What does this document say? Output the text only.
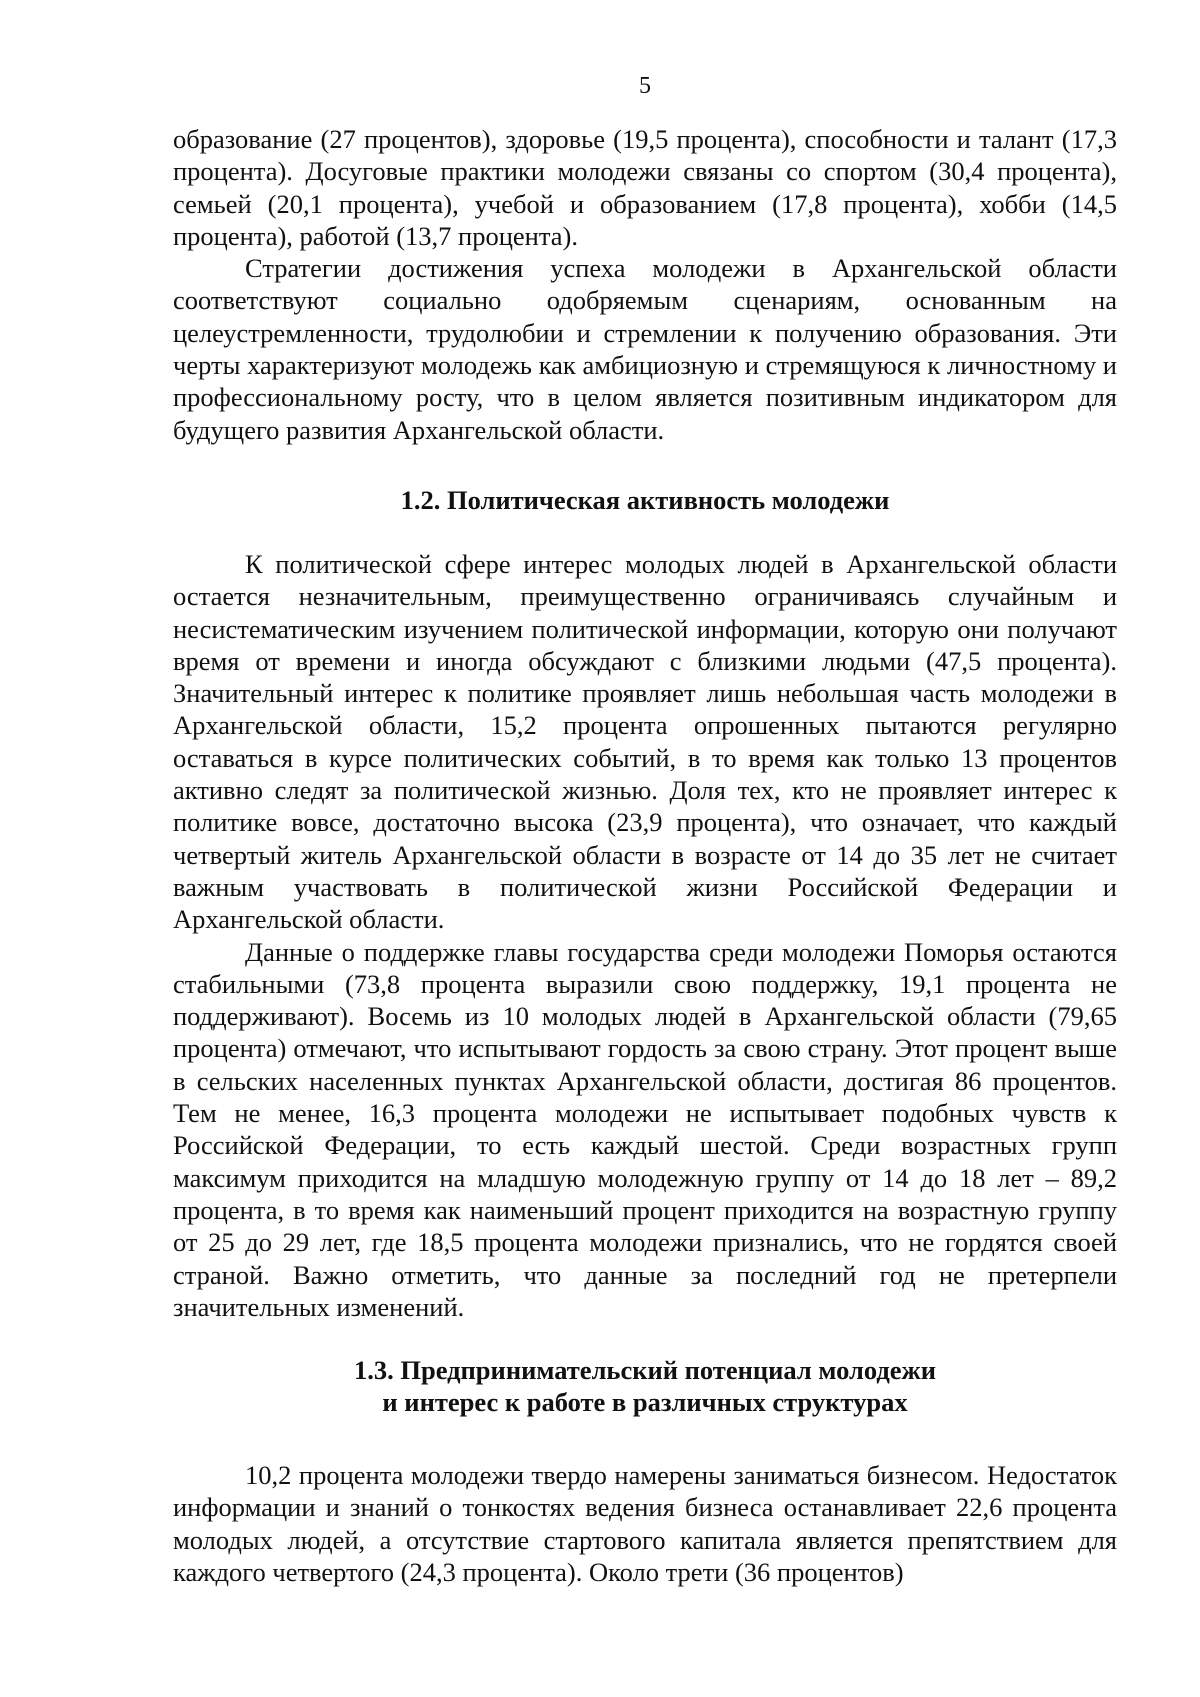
5

образование (27 процентов), здоровье (19,5 процента), способности и талант (17,3 процента). Досуговые практики молодежи связаны со спортом (30,4 процента), семьей (20,1 процента), учебой и образованием (17,8 процента), хобби (14,5 процента), работой (13,7 процента).

Стратегии достижения успеха молодежи в Архангельской области соответствуют социально одобряемым сценариям, основанным на целеустремленности, трудолюбии и стремлении к получению образования. Эти черты характеризуют молодежь как амбициозную и стремящуюся к личностному и профессиональному росту, что в целом является позитивным индикатором для будущего развития Архангельской области.

1.2. Политическая активность молодежи

К политической сфере интерес молодых людей в Архангельской области остается незначительным, преимущественно ограничиваясь случайным и несистематическим изучением политической информации, которую они получают время от времени и иногда обсуждают с близкими людьми (47,5 процента). Значительный интерес к политике проявляет лишь небольшая часть молодежи в Архангельской области, 15,2 процента опрошенных пытаются регулярно оставаться в курсе политических событий, в то время как только 13 процентов активно следят за политической жизнью. Доля тех, кто не проявляет интерес к политике вовсе, достаточно высока (23,9 процента), что означает, что каждый четвертый житель Архангельской области в возрасте от 14 до 35 лет не считает важным участвовать в политической жизни Российской Федерации и Архангельской области.

Данные о поддержке главы государства среди молодежи Поморья остаются стабильными (73,8 процента выразили свою поддержку, 19,1 процента не поддерживают). Восемь из 10 молодых людей в Архангельской области (79,65 процента) отмечают, что испытывают гордость за свою страну. Этот процент выше в сельских населенных пунктах Архангельской области, достигая 86 процентов. Тем не менее, 16,3 процента молодежи не испытывает подобных чувств к Российской Федерации, то есть каждый шестой. Среди возрастных групп максимум приходится на младшую молодежную группу от 14 до 18 лет – 89,2 процента, в то время как наименьший процент приходится на возрастную группу от 25 до 29 лет, где 18,5 процента молодежи признались, что не гордятся своей страной. Важно отметить, что данные за последний год не претерпели значительных изменений.

1.3. Предпринимательский потенциал молодежи
и интерес к работе в различных структурах

10,2 процента молодежи твердо намерены заниматься бизнесом. Недостаток информации и знаний о тонкостях ведения бизнеса останавливает 22,6 процента молодых людей, а отсутствие стартового капитала является препятствием для каждого четвертого (24,3 процента). Около трети (36 процентов)
